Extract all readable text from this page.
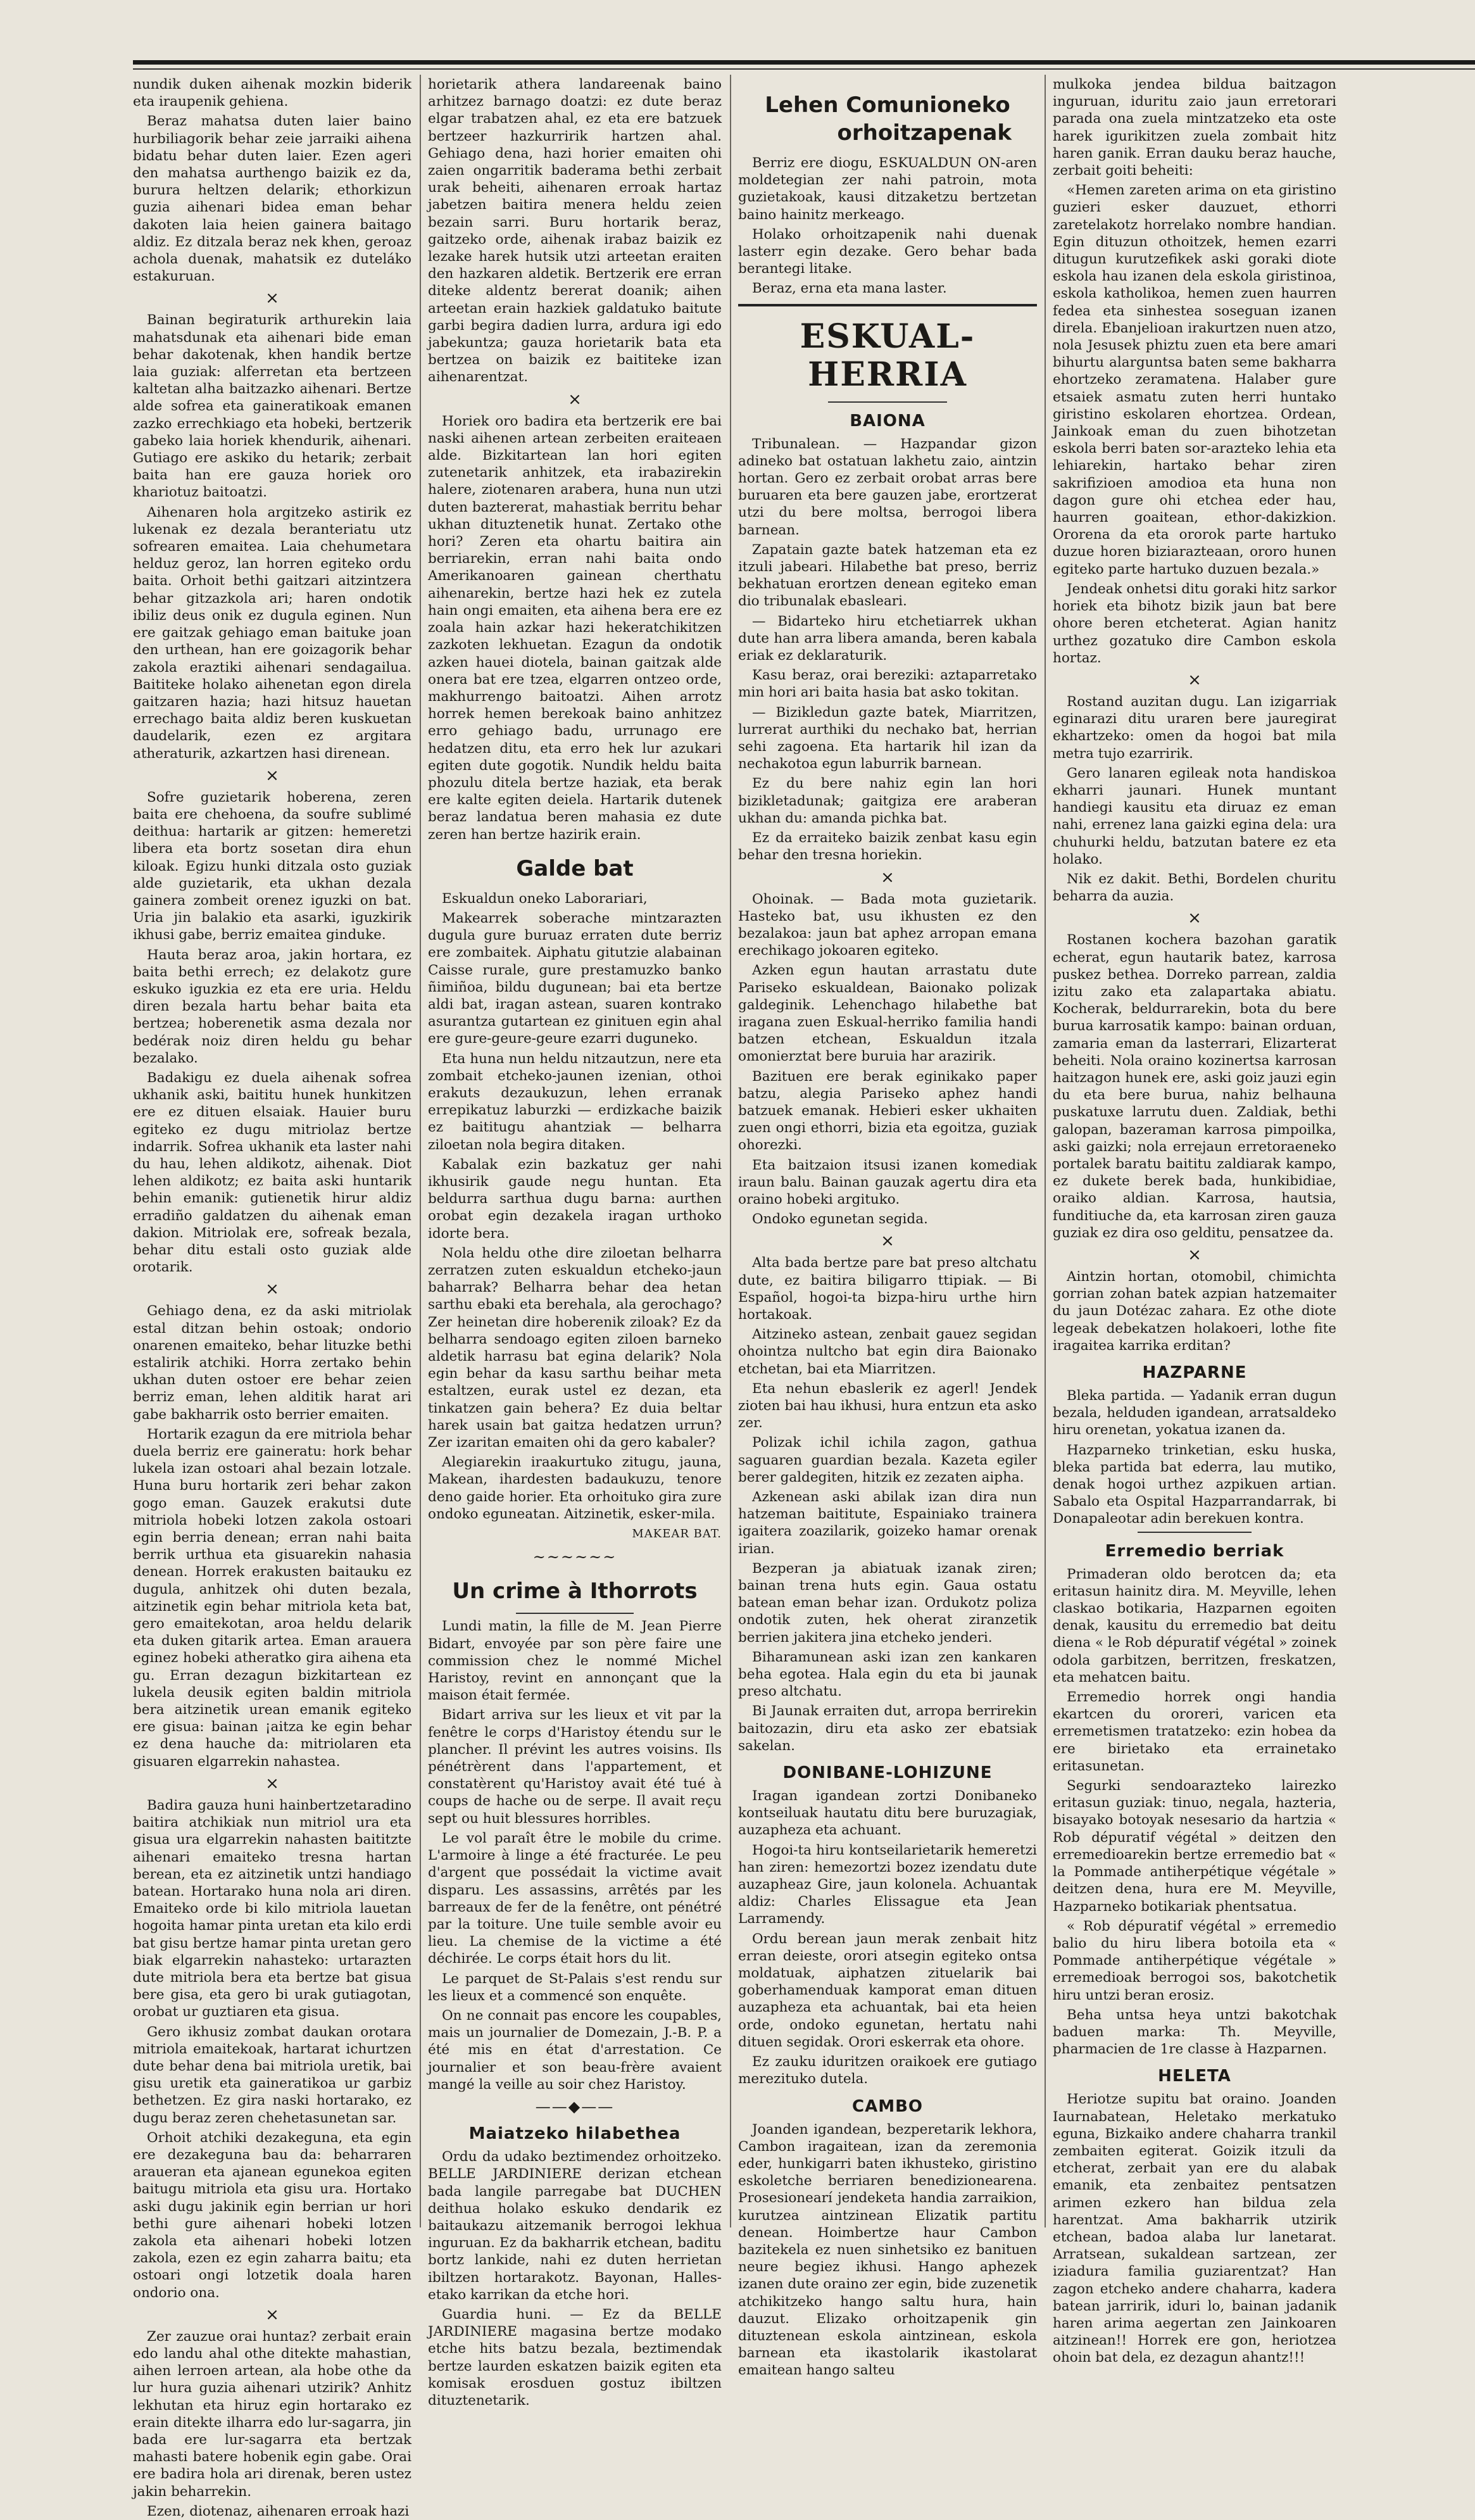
nundik duken aihenak mozkin biderik eta iraupenik gehiena.

Beraz mahatsa duten laier baino hurbiliagorik behar zeie jarraiki aihena bidatu behar duten laier. Ezen ageri den mahatsa aurthengo baizik ez da, burura heltzen delarik; ethorkizun guzia aihenari bidea eman behar dakoten laia heien gainera baitago aldiz. Ez ditzala beraz nek khen, geroaz achola duenak, mahatsik ez duteláko estakuruan.

×

Bainan begiraturik arthurekin laia mahatsdunak eta aihenari bide eman behar dakotenak, khen handik bertze laia guziak: alferretan eta bertzeen kaltetan alha baitzazko aihenari. Bertze alde sofrea eta gaineratikoak emanen zazko errechkiago eta hobeki, bertzerik gabeko laia horiek khendurik, aihenari. Gutiago ere askiko du hetarik; zerbait baita han ere gauza horiek oro khariotuz baitoatzi.

Aihenaren hola argitzeko astirik ez lukenak ez dezala beranteriatu utz sofrearen emaitea. Laia chehumetara helduz geroz, lan horren egiteko ordu baita. Orhoit bethi gaitzari aitzintzera behar gitzazkola ari; haren ondotik ibiliz deus onik ez dugula eginen. Nun ere gaitzak gehiago eman baituke joan den urthean, han ere goizagorik behar zakola eraztiki aihenari sendagailua. Baititeke holako aihenetan egon direla gaitzaren hazia; hazi hitsuz hauetan errechago baita aldiz beren kuskuetan daudelarik, ezen ez argitara atheraturik, azkartzen hasi direnean.

×

Sofre guzietarik hoberena, zeren baita ere chehoena, da soufre sublimé deithua: hartarik ar gitzen: hemeretzi libera eta bortz sosetan dira ehun kiloak. Egizu hunki ditzala osto guziak alde guzietarik, eta ukhan dezala gainera zombeit orenez iguzki on bat. Uria jin balakio eta asarki, iguzkirik ikhusi gabe, berriz emaitea ginduke.

Hauta beraz aroa, jakin hortara, ez baita bethi errech; ez delakotz gure eskuko iguzkia ez eta ere uria. Heldu diren bezala hartu behar baita eta bertzea; hoberenetik asma dezala nor bedérak noiz diren heldu gu behar bezalako.

Badakigu ez duela aihenak sofrea ukhanik aski, baititu hunek hunkitzen ere ez dituen elsaiak. Hauier buru egiteko ez dugu mitriolaz bertze indarrik. Sofrea ukhanik eta laster nahi du hau, lehen aldikotz, aihenak. Diot lehen aldikotz; ez baita aski huntarik behin emanik: gutienetik hirur aldiz erradiño galdatzen du aihenak eman dakion. Mitriolak ere, sofreak bezala, behar ditu estali osto guziak alde orotarik.

×

Gehiago dena, ez da aski mitriolak estal ditzan behin ostoak; ondorio onarenen emaiteko, behar lituzke bethi estalirik atchiki. Horra zertako behin ukhan duten ostoer ere behar zeien berriz eman, lehen alditik harat ari gabe bakharrik osto berrier emaiten.

Hortarik ezagun da ere mitriola behar duela berriz ere gaineratu: hork behar lukela izan ostoari ahal bezain lotzale. Huna buru hortarik zeri behar zakon gogo eman. Gauzek erakutsi dute mitriola hobeki lotzen zakola ostoari egin berria denean; erran nahi baita berrik urthua eta gisuarekin nahasia denean. Horrek erakusten baitauku ez dugula, anhitzek ohi duten bezala, aitzinetik egin behar mitriola keta bat, gero emaitekotan, aroa heldu delarik eta duken gitarik artea. Eman arauera eginez hobeki atheratko gira aihena eta gu. Erran dezagun bizkitartean ez lukela deusik egiten baldin mitriola bera aitzinetik urean emanik egiteko ere gisua: bainan ¡aitza ke egin behar ez dena hauche da: mitriolaren eta gisuaren elgarrekin nahastea.

×

Badira gauza huni hainbertzetaradino baitira atchikiak nun mitriol ura eta gisua ura elgarrekin nahasten baititzte aihenari emaiteko tresna hartan berean, eta ez aitzinetik untzi handiago batean. Hortarako huna nola ari diren. Emaiteko orde bi kilo mitriola lauetan hogoita hamar pinta uretan eta kilo erdi bat gisu bertze hamar pinta uretan gero biak elgarrekin nahasteko: urtarazten dute mitriola bera eta bertze bat gisua bere gisa, eta gero bi urak gutiagotan, orobat ur guztiaren eta gisua.

Gero ikhusiz zombat daukan orotara mitriola emaitekoak, hartarat ichurtzen dute behar dena bai mitriola uretik, bai gisu uretik eta gaineratikoa ur garbiz bethetzen. Ez gira naski hortarako, ez dugu beraz zeren chehetasunetan sar.

Orhoit atchiki dezakeguna, eta egin ere dezakeguna bau da: beharraren araueran eta ajanean egunekoa egiten baitugu mitriola eta gisu ura. Hortako aski dugu jakinik egin berrian ur hori bethi gure aihenari hobeki lotzen zakola eta aihenari hobeki lotzen zakola, ezen ez egin zaharra baitu; eta ostoari ongi lotzetik doala haren ondorio ona.

×

Zer zauzue orai huntaz? zerbait erain edo landu ahal othe ditekte mahastian, aihen lerroen artean, ala hobe othe da lur hura guzia aihenari utzirik? Anhitz lekhutan eta hiruz egin hortarako ez erain ditekte ilharra edo lur-sagarra, jin bada ere lur-sagarra eta bertzak mahasti batere hobenik egin gabe. Orai ere badira hola ari direnak, beren ustez jakin beharrekin.

Ezen, diotenaz, aihenaren erroak hazi

horietarik athera landareenak baino arhitzez barnago doatzi: ez dute beraz elgar trabatzen ahal, ez eta ere batzuek bertzeer hazkurririk hartzen ahal. Gehiago dena, hazi horier emaiten ohi zaien ongarritik baderama bethi zerbait urak beheiti, aihenaren erroak hartaz jabetzen baitira menera heldu zeien bezain sarri. Buru hortarik beraz, gaitzeko orde, aihenak irabaz baizik ez lezake harek hutsik utzi arteetan eraiten den hazkaren aldetik. Bertzerik ere erran diteke aldentz bererat doanik; aihen arteetan erain hazkiek galdatuko baitute garbi begira dadien lurra, ardura igi edo jabekuntza; gauza horietarik bata eta bertzea on baizik ez baititeke izan aihenarentzat.

×

Horiek oro badira eta bertzerik ere bai naski aihenen artean zerbeiten eraiteaen alde. Bizkitartean lan hori egiten zutenetarik anhitzek, eta irabazirekin halere, ziotenaren arabera, huna nun utzi duten baztererat, mahastiak berritu behar ukhan dituztenetik hunat. Zertako othe hori? Zeren eta ohartu baitira ain berriarekin, erran nahi baita ondo Amerikanoaren gainean cherthatu aihenarekin, bertze hazi hek ez zutela hain ongi emaiten, eta aihena bera ere ez zoala hain azkar hazi hekeratchikitzen zazkoten lekhuetan. Ezagun da ondotik azken hauei diotela, bainan gaitzak alde onera bat ere tzea, elgarren ontzeo orde, makhurrengo baitoatzi. Aihen arrotz horrek hemen berekoak baino anhitzez erro gehiago badu, urrunago ere hedatzen ditu, eta erro hek lur azukari egiten dute gogotik. Nundik heldu baita phozulu ditela bertze haziak, eta berak ere kalte egiten deiela. Hartarik dutenek beraz landatua beren mahasia ez dute zeren han bertze hazirik erain.

Galde bat

Eskualdun oneko Laborariari,

Makearrek soberache mintzarazten dugula gure buruaz erraten dute berriz ere zombaitek. Aiphatu gitutzie alabainan Caisse rurale, gure prestamuzko banko ñimiñoa, bildu dugunean; bai eta bertze aldi bat, iragan astean, suaren kontrako asurantza gutartean ez ginituen egin ahal ere gure-geure-geure ezarri duguneko.

Eta huna nun heldu nitzautzun, nere eta zombait etcheko-jaunen izenian, othoi erakuts dezaukuzun, lehen erranak errepikatuz laburzki — erdizkache baizik ez baititugu ahantziak — belharra ziloetan nola begira ditaken.

Kabalak ezin bazkatuz ger nahi ikhusirik gaude negu huntan. Eta beldurra sarthua dugu barna: aurthen orobat egin dezakela iragan urthoko idorte bera.

Nola heldu othe dire ziloetan belharra zerratzen zuten eskualdun etcheko-jaun baharrak? Belharra behar dea hetan sarthu ebaki eta berehala, ala gerochago? Zer heinetan dire hoberenik ziloak? Ez da belharra sendoago egiten ziloen barneko aldetik harrasu bat egina delarik? Nola egin behar da kasu sarthu beihar meta estaltzen, eurak ustel ez dezan, eta tinkatzen gain behera? Ez duia beltar harek usain bat gaitza hedatzen urrun? Zer izaritan emaiten ohi da gero kabaler?

Alegiarekin iraakurtuko zitugu, jauna, Makean, ihardesten badaukuzu, tenore deno gaide horier. Eta orhoituko gira zure ondoko eguneatan. Aitzinetik, esker-mila.

MAKEAR BAT.
~~~~~~
Un crime à Ithorrots

Lundi matin, la fille de M. Jean Pierre Bidart, envoyée par son père faire une commission chez le nommé Michel Haristoy, revint en annonçant que la maison était fermée.

Bidart arriva sur les lieux et vit par la fenêtre le corps d'Haristoy étendu sur le plancher. Il prévint les autres voisins. Ils pénétrèrent dans l'appartement, et constatèrent qu'Haristoy avait été tué à coups de hache ou de serpe. Il avait reçu sept ou huit blessures horribles.

Le vol paraît être le mobile du crime. L'armoire à linge a été fracturée. Le peu d'argent que possédait la victime avait disparu. Les assassins, arrêtés par les barreaux de fer de la fenêtre, ont pénétré par la toiture. Une tuile semble avoir eu lieu. La chemise de la victime a été déchirée. Le corps était hors du lit.

Le parquet de St-Palais s'est rendu sur les lieux et a commencé son enquête.

On ne connait pas encore les coupables, mais un journalier de Domezain, J.-B. P. a été mis en état d'arrestation. Ce journalier et son beau-frère avaient mangé la veille au soir chez Haristoy.

——◆——
Maiatzeko hilabethea

Ordu da udako beztimendez orhoitzeko. BELLE JARDINIERE derizan etchean bada langile parregabe bat DUCHEN deithua holako eskuko dendarik ez baitaukazu aitzemanik berrogoi lekhua inguruan. Ez da bakharrik etchean, baditu bortz lankide, nahi ez duten herrietan ibiltzen hortarakotz. Bayonan, Halles-etako karrikan da etche hori.

Guardia huni. — Ez da BELLE JARDINIERE magasina bertze modako etche hits batzu bezala, beztimendak bertze laurden eskatzen baizik egiten eta komisak erosduen gostuz ibiltzen dituztenetarik.

Lehen Comunioneko
orhoitzapenak

Berriz ere diogu, ESKUALDUN ON-aren moldetegian zer nahi patroin, mota guzietakoak, kausi ditzaketzu bertzetan baino hainitz merkeago.

Holako orhoitzapenik nahi duenak lasterr egin dezake. Gero behar bada berantegi litake.

Beraz, erna eta mana laster.

ESKUAL-HERRIA
BAIONA

Tribunalean. — Hazpandar gizon adineko bat ostatuan lakhetu zaio, aintzin hortan. Gero ez zerbait orobat arras bere buruaren eta bere gauzen jabe, erortzerat utzi du bere moltsa, berrogoi libera barnean.

Zapatain gazte batek hatzeman eta ez itzuli jabeari. Hilabethe bat preso, berriz bekhatuan erortzen denean egiteko eman dio tribunalak ebasleari.

— Bidarteko hiru etchetiarrek ukhan dute han arra libera amanda, beren kabala eriak ez deklaraturik.

Kasu beraz, orai bereziki: aztaparretako min hori ari baita hasia bat asko tokitan.

— Bizikledun gazte batek, Miarritzen, lurrerat aurthiki du nechako bat, herrian sehi zagoena. Eta hartarik hil izan da nechakotoa egun laburrik barnean.

Ez du bere nahiz egin lan hori bizikletadunak; gaitgiza ere araberan ukhan du: amanda pichka bat.

Ez da erraiteko baizik zenbat kasu egin behar den tresna horiekin.

×

Ohoinak. — Bada mota guzietarik. Hasteko bat, usu ikhusten ez den bezalakoa: jaun bat aphez arropan emana erechikago jokoaren egiteko.

Azken egun hautan arrastatu dute Pariseko eskualdean, Baionako polizak galdeginik. Lehenchago hilabethe bat iragana zuen Eskual-herriko familia handi batzen etchean, Eskualdun itzala omonierztat bere buruia har arazirik.

Bazituen ere berak eginikako paper batzu, alegia Pariseko aphez handi batzuek emanak. Hebieri esker ukhaiten zuen ongi ethorri, bizia eta egoitza, guziak ohorezki.

Eta baitzaion itsusi izanen komediak iraun balu. Bainan gauzak agertu dira eta oraino hobeki argituko.

Ondoko egunetan segida.

×

Alta bada bertze pare bat preso altchatu dute, ez baitira biligarro ttipiak. — Bi Español, hogoi-ta bizpa-hiru urthe hirn hortakoak.

Aitzineko astean, zenbait gauez segidan ohointza nultcho bat egin dira Baionako etchetan, bai eta Miarritzen.

Eta nehun ebaslerik ez agerl! Jendek zioten bai hau ikhusi, hura entzun eta asko zer.

Polizak ichil ichila zagon, gathua saguaren guardian bezala. Kazeta egiler berer galdegiten, hitzik ez zezaten aipha.

Azkenean aski abilak izan dira nun hatzeman baititute, Espainiako trainera igaitera zoazilarik, goizeko hamar orenak irian.

Bezperan ja abiatuak izanak ziren; bainan trena huts egin. Gaua ostatu batean eman behar izan. Ordukotz poliza ondotik zuten, hek oherat ziranzetik berrien jakitera jina etcheko jenderi.

Biharamunean aski izan zen kankaren beha egotea. Hala egin du eta bi jaunak preso altchatu.

Bi Jaunak erraiten dut, arropa berrirekin baitozazin, diru eta asko zer ebatsiak sakelan.

DONIBANE-LOHIZUNE

Iragan igandean zortzi Donibaneko kontseiluak hautatu ditu bere buruzagiak, auzapheza eta achuant.

Hogoi-ta hiru kontseilarietarik hemeretzi han ziren: hemezortzi bozez izendatu dute auzapheaz Gire, jaun kolonela. Achuantak aldiz: Charles Elissague eta Jean Larramendy.

Ordu berean jaun merak zenbait hitz erran deieste, orori atseɡin egiteko ontsa moldatuak, aiphatzen zituelarik bai goberhamenduak kamporat eman dituen auzapheza eta achuantak, bai eta heien orde, ondoko egunetan, hertatu nahi dituen segidak. Orori eskerrak eta ohore.

Ez zauku iduritzen oraikoek ere gutiago merezituko dutela.

CAMBO

Joanden igandean, bezperetarik lekhora, Cambon iragaitean, izan da zeremonia eder, hunkigarri baten ikhusteko, giristino eskoletche berriaren benedizionearena. Prosesionearí jendeketa handia zarraikion, kurutzea aintzinean Elizatik partitu denean. Hoimbertze haur Cambon bazitekela ez nuen sinhetsiko ez banituen neure begiez ikhusi. Hango aphezek izanen dute oraino zer egin, bide zuzenetik atchikitzeko hango saltu hura, hain dauzut. Elizako orhoitzapenik gin dituztenean eskola aintzinean, eskola barnean eta ikastolarik ikastolarat emaitean hango salteu

mulkoka jendea bildua baitzagon inguruan, iduritu zaio jaun erretorari parada ona zuela mintzatzeko eta oste harek igurikitzen zuela zombait hitz haren ganik. Erran dauku beraz hauche, zerbait goiti beheiti:

«Hemen zareten arima on eta giristino guzieri esker dauzuet, ethorri zaretelakotz horrelako nombre handian. Egin dituzun othoitzek, hemen ezarri ditugun kurutzefikek aski goraki diote eskola hau izanen dela eskola giristinoa, eskola katholikoa, hemen zuen haurren fedea eta sinhestea soseguan izanen direla. Ebanjelioan irakurtzen nuen atzo, nola Jesusek phiztu zuen eta bere amari bihurtu alarguntsa baten seme bakharra ehortzeko zeramatena. Halaber gure etsaiek asmatu zuten herri huntako giristino eskolaren ehortzea. Ordean, Jainkoak eman du zuen bihotzetan eskola berri baten sor-arazteko lehia eta lehiarekin, hartako behar ziren sakrifizioen amodioa eta huna non dagon gure ohi etchea eder hau, haurren goaitean, ethor-dakizkion. Ororena da eta ororok parte hartuko duzue horen biziarazteaan, ororo hunen egiteko parte hartuko duzuen bezala.»

Jendeak onhetsi ditu goraki hitz sarkor horiek eta bihotz bizik jaun bat bere ohore beren etcheterat. Agian hanitz urthez gozatuko dire Cambon eskola hortaz.

×

Rostand auzitan dugu. Lan izigarriak eginarazi ditu uraren bere jauregirat ekhartzeko: omen da hogoi bat mila metra tujo ezarririk.

Gero lanaren egileak nota handiskoa ekharri jaunari. Hunek muntant handiegi kausitu eta diruaz ez eman nahi, errenez lana gaizki egina dela: ura chuhurki heldu, batzutan batere ez eta holako.

Nik ez dakit. Bethi, Bordelen churitu beharra da auzia.

×

Rostanen kochera bazohan garatik echerat, egun hautarik batez, karrosa puskez bethea. Dorreko parrean, zaldia izitu zako eta zalapartaka abiatu. Kocherak, beldurrarekin, bota du bere burua karrosatik kampo: bainan orduan, zamaria eman da lasterrari, Elizarterat beheiti. Nola oraino kozinertsa karrosan haitzagon hunek ere, aski goiz jauzi egin du eta bere burua, nahiz belhauna puskatuxe larrutu duen. Zaldiak, bethi galopan, bazeraman karrosa pimpoilka, aski gaizki; nola errejaun erretoraeneko portalek baratu baititu zaldiarak kampo, ez dukete berek bada, hunkibidiae, oraiko aldian. Karrosa, hautsia, funditiuche da, eta karrosan ziren gauza guziak ez dira oso gelditu, pensatzee da.

×

Aintzin hortan, otomobil, chimichta gorrian zohan batek azpian hatzemaiter du jaun Dotézac zahara. Ez othe diote legeak debekatzen holakoeri, lothe fite iragaitea karrika erditan?

HAZPARNE

Bleka partida. — Yadanik erran dugun bezala, helduden igandean, arratsaldeko hiru orenetan, yokatua izanen da.

Hazparneko trinketian, esku huska, bleka partida bat ederra, lau mutiko, denak hogoi urthez azpikuen artian. Sabalo eta Ospital Hazparrandarrak, bi Donapaleotar adin berekuen kontra.

Erremedio berriak

Primaderan oldo berotcen da; eta eritasun hainitz dira. M. Meyville, lehen claskao botikaria, Hazparnen egoiten denak, kausitu du erremedio bat deitu diena « le Rob dépuratif végétal » zoinek odola garbitzen, berritzen, freskatzen, eta mehatcen baitu.

Erremedio horrek ongi handia ekartcen du ororeri, varicen eta erremetismen tratatzeko: ezin hobea da ere birietako eta errainetako eritasunetan.

Segurki sendoarazteko lairezko eritasun guziak: tinuo, negala, hazteria, bisayako botoyak nesesario da hartzia « Rob dépuratif végétal » deitzen den erremedioarekin bertze erremedio bat « la Pommade antiherpétique végétale » deitzen dena, hura ere M. Meyville, Hazparneko botikariak phentsatua.

« Rob dépuratif végétal » erremedio balio du hiru libera botoila eta « Pommade antiherpétique végétale » erremedioak berrogoi sos, bakotchetik hiru untzi beran erosiz.

Beha untsa heya untzi bakotchak baduen marka: Th. Meyville, pharmacien de 1re classe à Hazparnen.

HELETA

Heriotze supitu bat oraino. Joanden Iaurnabatean, Heletako merkatuko eguna, Bizkaiko andere chaharra trankil zembaiten egiterat. Goizik itzuli da etcherat, zerbait yan ere du alabak emanik, eta zenbaitez pentsatzen arimen ezkero han bildua zela harentzat. Ama bakharrik utzirik etchean, badoa alaba lur lanetarat. Arratsean, sukaldean sartzean, zer iziadura familia guziarentzat? Han zagon etcheko andere chaharra, kadera batean jarririk, iduri lo, bainan jadanik haren arima aegertan zen Jainkoaren aitzinean!! Horrek ere gon, heriotzea ohoin bat dela, ez dezagun ahantz!!!
